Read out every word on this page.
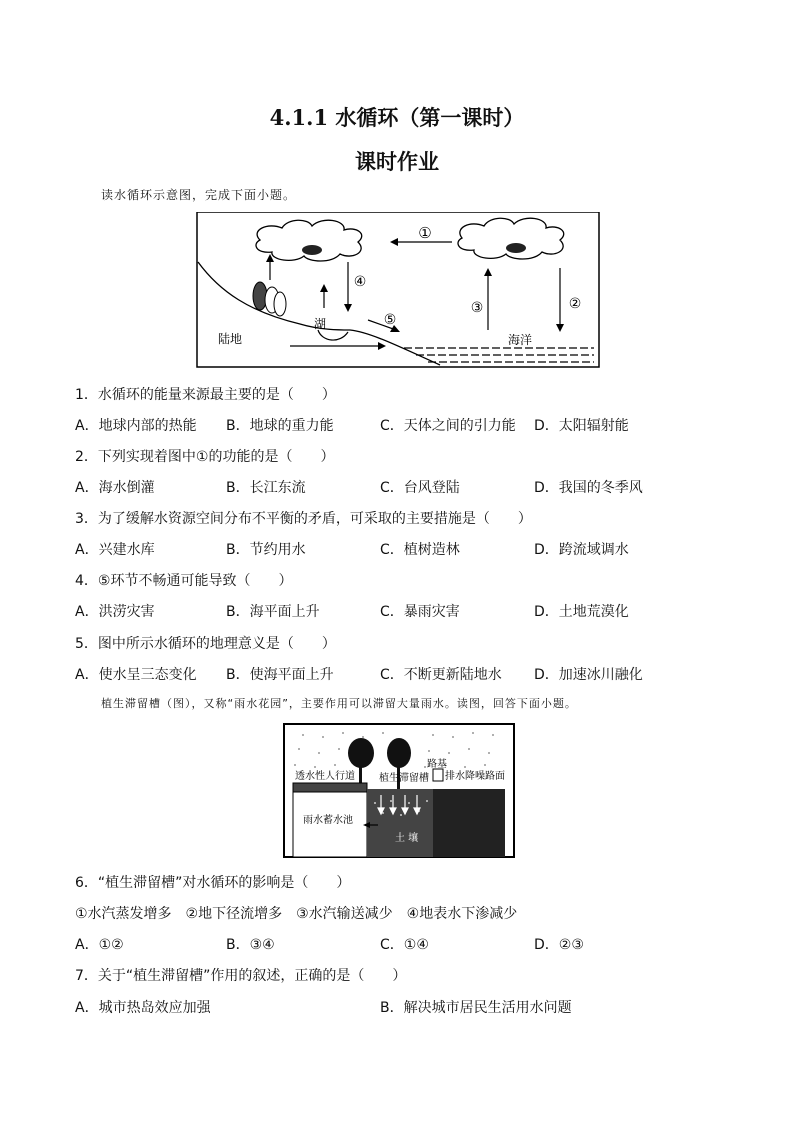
4.1.1 水循环（第一课时）
课时作业
读水循环示意图，完成下面小题。
①
④
⑤
③	②
陆地
湖
海洋
1．水循环的能量来源最主要的是（　　）
A．地球内部的热能 B．地球的重力能	C．天体之间的引力能 D．太阳辐射能
2．下列实现着图中①的功能的是（　　）
A．海水倒灌	B．长江东流	C．台风登陆	D．我国的冬季风
3．为了缓解水资源空间分布不平衡的矛盾，可采取的主要措施是（　　）
A．兴建水库	B．节约用水	C．植树造林	D．跨流域调水
4．⑤环节不畅通可能导致（　　）
A．洪涝灾害	B．海平面上升	C．暴雨灾害	D．土地荒漠化
5．图中所示水循环的地理意义是（　　）
A．使水呈三态变化 B．使海平面上升	C．不断更新陆地水 D．加速冰川融化
植生滞留槽（图），又称“雨水花园”，主要作用可以滞留大量雨水。读图，回答下面小题。
透水性人行道 植生滞留槽
路基
排水降噪路面
雨水蓄水池
土 壤
6．“植生滞留槽”对水循环的影响是（　　）
①水汽蒸发增多　②地下径流增多　③水汽输送减少　④地表水下渗减少
A．①②	B．③④	C．①④	D．②③
7．关于“植生滞留槽”作用的叙述，正确的是（　　）
A．城市热岛效应加强	B．解决城市居民生活用水问题
